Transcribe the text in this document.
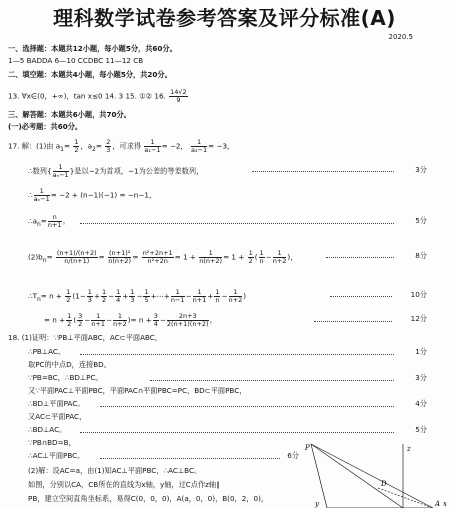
理科数学试卷参考答案及评分标准(A)
2020.5
一、选择题：本题共12小题，每小题5分，共60分。
1—5 BADDA 6—10 CCDBC 11—12 CB
二、填空题：本题共4小题，每小题5分，共20分。
13. ∀x∈(0，+∞)，tan x≤0 14. 3 15. ①② 16. $\frac{14√2}{9}$
三、解答题：本题共6小题，共70分。
(一)必考题：共60分。
17. 解：(1)由 $a_1= \frac{1}{2}$ ，$a_2= \frac{2}{3}$ ，可求得 $\frac{1}{\text{a₁−1}} = -2$， $\frac{1}{\text{a₂−1}} = -3$，
∴数列{ $\frac{1}{\text{aₙ−1}}$ }是以−2为首项，−1为公差的等差数列，	3分
∴ $\frac{1}{\text{aₙ−1}} = -2 + (n-1)(-1) = -n-1$，
$\therefore a_n= \frac{n}{n+1}$ 。	5分
$(2)b_n= \frac{(n+1)/(n+2)}{n/(n+1)} = \frac{\text{(n+1)²}}{n(n+2)} = \frac{\text{n²+2n+1}}{\text{n²+2n}} = 1 + \frac{1}{n(n+2)} = 1 + \frac{1}{2}$ ( $\frac{1}{n} - \frac{1}{n+2}$ )，	8分
$\therefore T_n= n + \frac{1}{2} (1- \frac{1}{3} + \frac{1}{2} - \frac{1}{4} + \frac{1}{3} - \frac{1}{5}$ +⋯+ $\frac{1}{n-1} - \frac{1}{n+1} + \frac{1}{n} - \frac{1}{n+2}$ )	10分
= $n + \frac{1}{2}$ ( $\frac{3}{2} - \frac{1}{n+1} - \frac{1}{n+2}$ )= $n + \frac{3}{4} - \frac{2n+3}{2(n+1)(n+2)}$ 。	12分
18. (1)证明：∵PB⊥平面ABC，AC⊂平面ABC，
∴PB⊥AC。	1分
取PC的中点D，连接BD。
∵PB=BC，∴BD⊥PC。	3分
又∵平面PAC⊥平面PBC，平面PAC∩平面PBC=PC，BD⊂平面PBC，
∴BD⊥平面PAC。	4分
又AC⊂平面PAC，
∴BD⊥AC。	5分
∵PB∩BD=B，
∴AC⊥平面PBC。	6分
(2)解：设AC=a，由(1)知AC⊥平面PBC，∴AC⊥BC。
如图，分别以CA，CB所在的直线为x轴，y轴，过C点作z轴∥
PB，建立空间直角坐标系，易得C(0，0，0)，A(a，0，0)，B(0，2，0)，
P
D
z
A
y	x
